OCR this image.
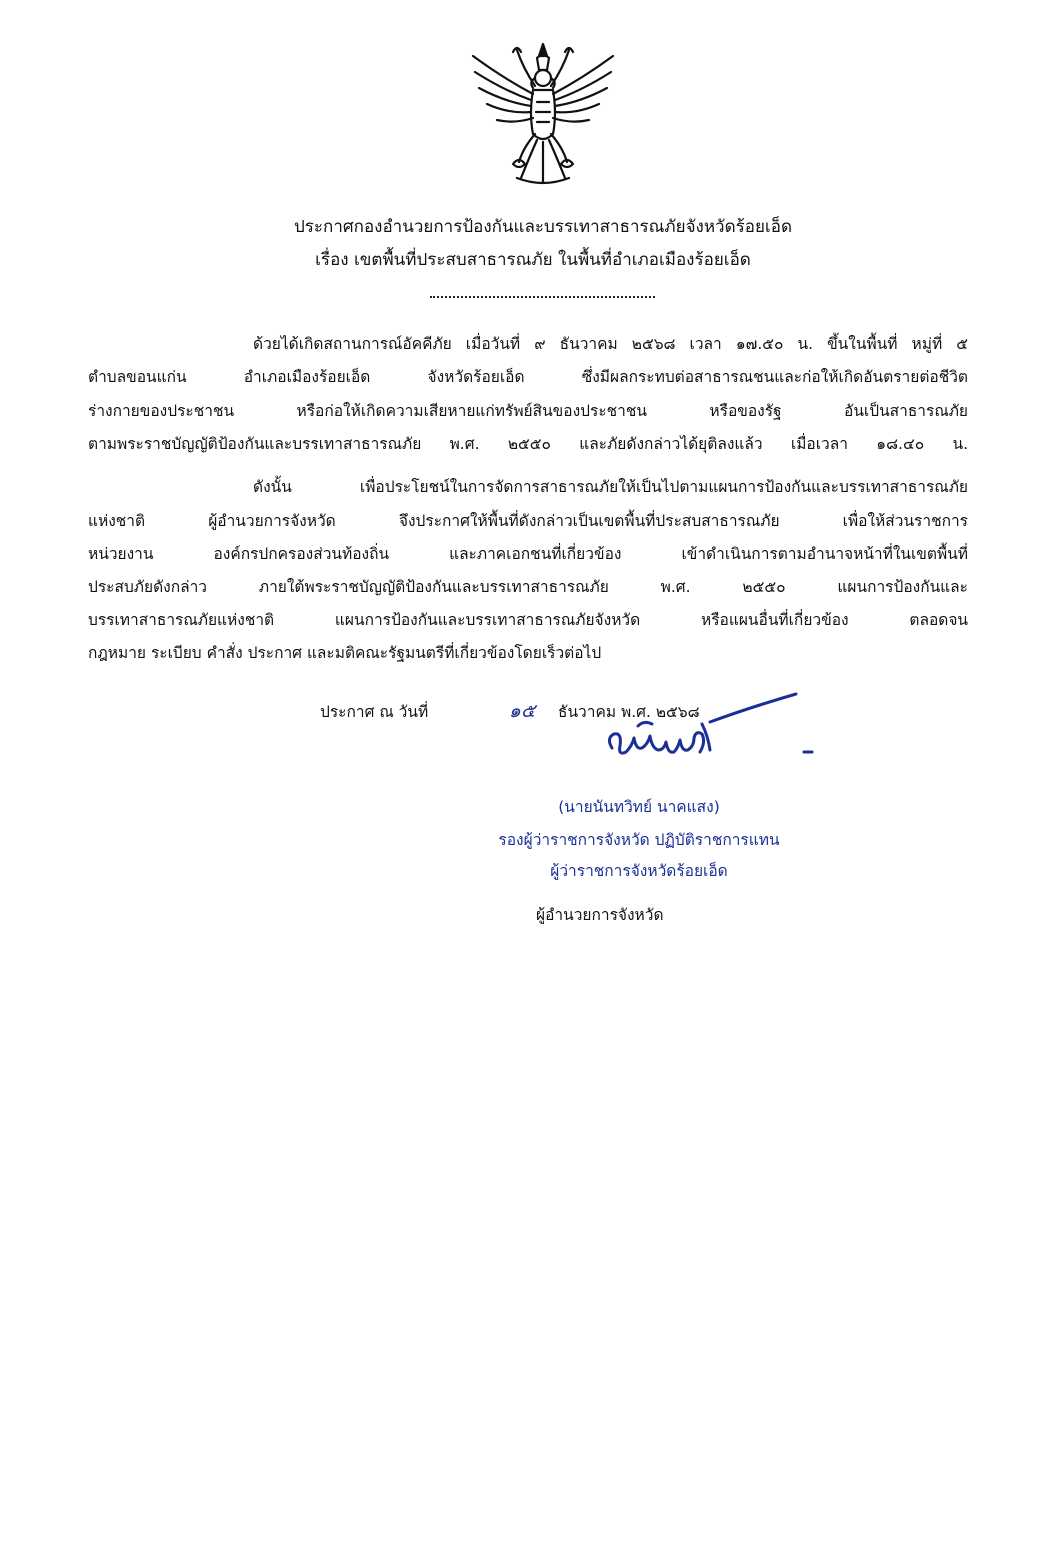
ประกาศกองอำนวยการป้องกันและบรรเทาสาธารณภัยจังหวัดร้อยเอ็ด
เรื่อง เขตพื้นที่ประสบสาธารณภัย ในพื้นที่อำเภอเมืองร้อยเอ็ด
ด้วยได้เกิดสถานการณ์อัคคีภัย เมื่อวันที่ ๙ ธันวาคม ๒๕๖๘ เวลา ๑๗.๕๐ น. ขึ้นในพื้นที่ หมู่ที่ ๕
ตำบลขอนแก่น อำเภอเมืองร้อยเอ็ด จังหวัดร้อยเอ็ด ซึ่งมีผลกระทบต่อสาธารณชนและก่อให้เกิดอันตรายต่อชีวิต
ร่างกายของประชาชน หรือก่อให้เกิดความเสียหายแก่ทรัพย์สินของประชาชน หรือของรัฐ อันเป็นสาธารณภัย
ตามพระราชบัญญัติป้องกันและบรรเทาสาธารณภัย พ.ศ. ๒๕๕๐ และภัยดังกล่าวได้ยุติลงแล้ว เมื่อเวลา ๑๘.๔๐ น.
ดังนั้น เพื่อประโยชน์ในการจัดการสาธารณภัยให้เป็นไปตามแผนการป้องกันและบรรเทาสาธารณภัย
แห่งชาติ ผู้อำนวยการจังหวัด จึงประกาศให้พื้นที่ดังกล่าวเป็นเขตพื้นที่ประสบสาธารณภัย เพื่อให้ส่วนราชการ
หน่วยงาน องค์กรปกครองส่วนท้องถิ่น และภาคเอกชนที่เกี่ยวข้อง เข้าดำเนินการตามอำนาจหน้าที่ในเขตพื้นที่
ประสบภัยดังกล่าว ภายใต้พระราชบัญญัติป้องกันและบรรเทาสาธารณภัย พ.ศ. ๒๕๕๐ แผนการป้องกันและ
บรรเทาสาธารณภัยแห่งชาติ แผนการป้องกันและบรรเทาสาธารณภัยจังหวัด หรือแผนอื่นที่เกี่ยวข้อง ตลอดจน
กฎหมาย ระเบียบ คำสั่ง ประกาศ และมติคณะรัฐมนตรีที่เกี่ยวข้องโดยเร็วต่อไป
ประกาศ ณ วันที่	๑๕ ธันวาคม พ.ศ. ๒๕๖๘
(นายนันทวิทย์ นาคแสง)
รองผู้ว่าราชการจังหวัด ปฏิบัติราชการแทน
ผู้ว่าราชการจังหวัดร้อยเอ็ด
ผู้อำนวยการจังหวัด
